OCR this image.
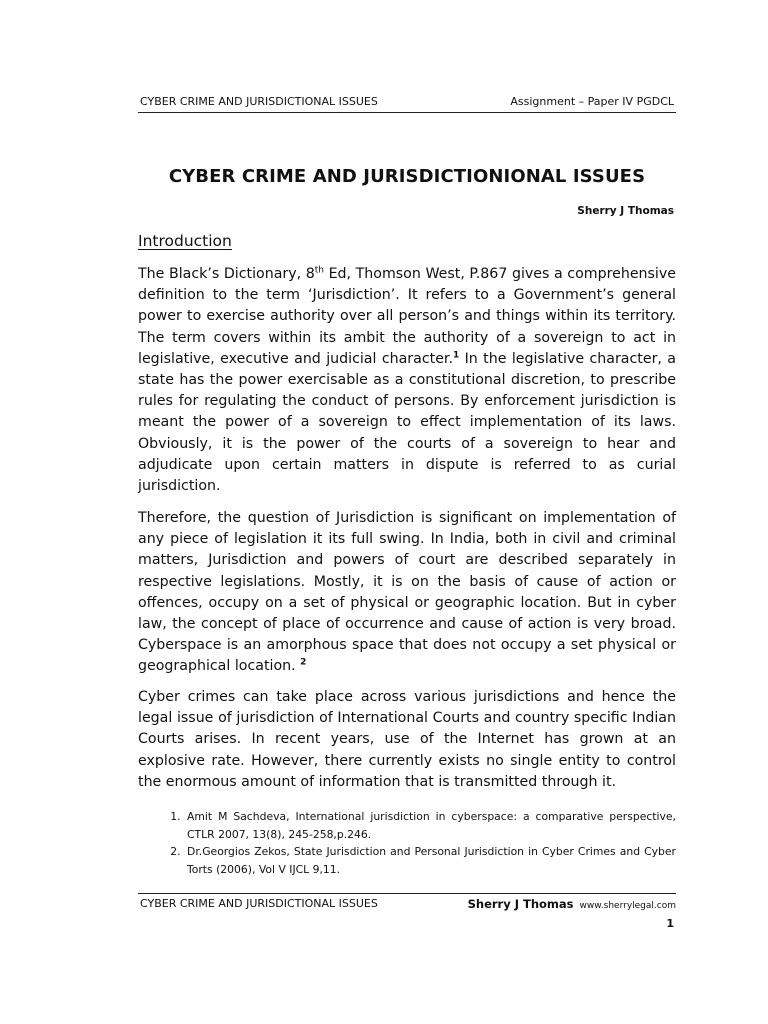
CYBER CRIME AND JURISDICTIONAL ISSUES	Assignment – Paper IV PGDCL
CYBER CRIME AND JURISDICTIONIONAL ISSUES
Sherry J Thomas
Introduction
The Black’s Dictionary, 8th Ed, Thomson West, P.867 gives a comprehensive definition to the term ‘Jurisdiction’. It refers to a Government’s general power to exercise authority over all person’s and things within its territory. The term covers within its ambit the authority of a sovereign to act in legislative, executive and judicial character.$^1$ In the legislative character, a state has the power exercisable as a constitutional discretion, to prescribe rules for regulating the conduct of persons. By enforcement jurisdiction is meant the power of a sovereign to effect implementation of its laws. Obviously, it is the power of the courts of a sovereign to hear and adjudicate upon certain matters in dispute is referred to as curial jurisdiction.
Therefore, the question of Jurisdiction is significant on implementation of any piece of legislation it its full swing. In India, both in civil and criminal matters, Jurisdiction and powers of court are described separately in respective legislations. Mostly, it is on the basis of cause of action or offences, occupy on a set of physical or geographic location. But in cyber law, the concept of place of occurrence and cause of action is very broad. Cyberspace is an amorphous space that does not occupy a set physical or geographical location. $^2$
Cyber crimes can take place across various jurisdictions and hence the legal issue of jurisdiction of International Courts and country specific Indian Courts arises. In recent years, use of the Internet has grown at an explosive rate. However, there currently exists no single entity to control the enormous amount of information that is transmitted through it.
1. Amit M Sachdeva, International jurisdiction in cyberspace: a comparative perspective, CTLR 2007, 13(8), 245-258,p.246.
2. Dr.Georgios Zekos, State Jurisdiction and Personal Jurisdiction in Cyber Crimes and Cyber Torts (2006), Vol V IJCL 9,11.
CYBER CRIME AND JURISDICTIONAL ISSUES	Sherry J Thomas www.sherrylegal.com
1
